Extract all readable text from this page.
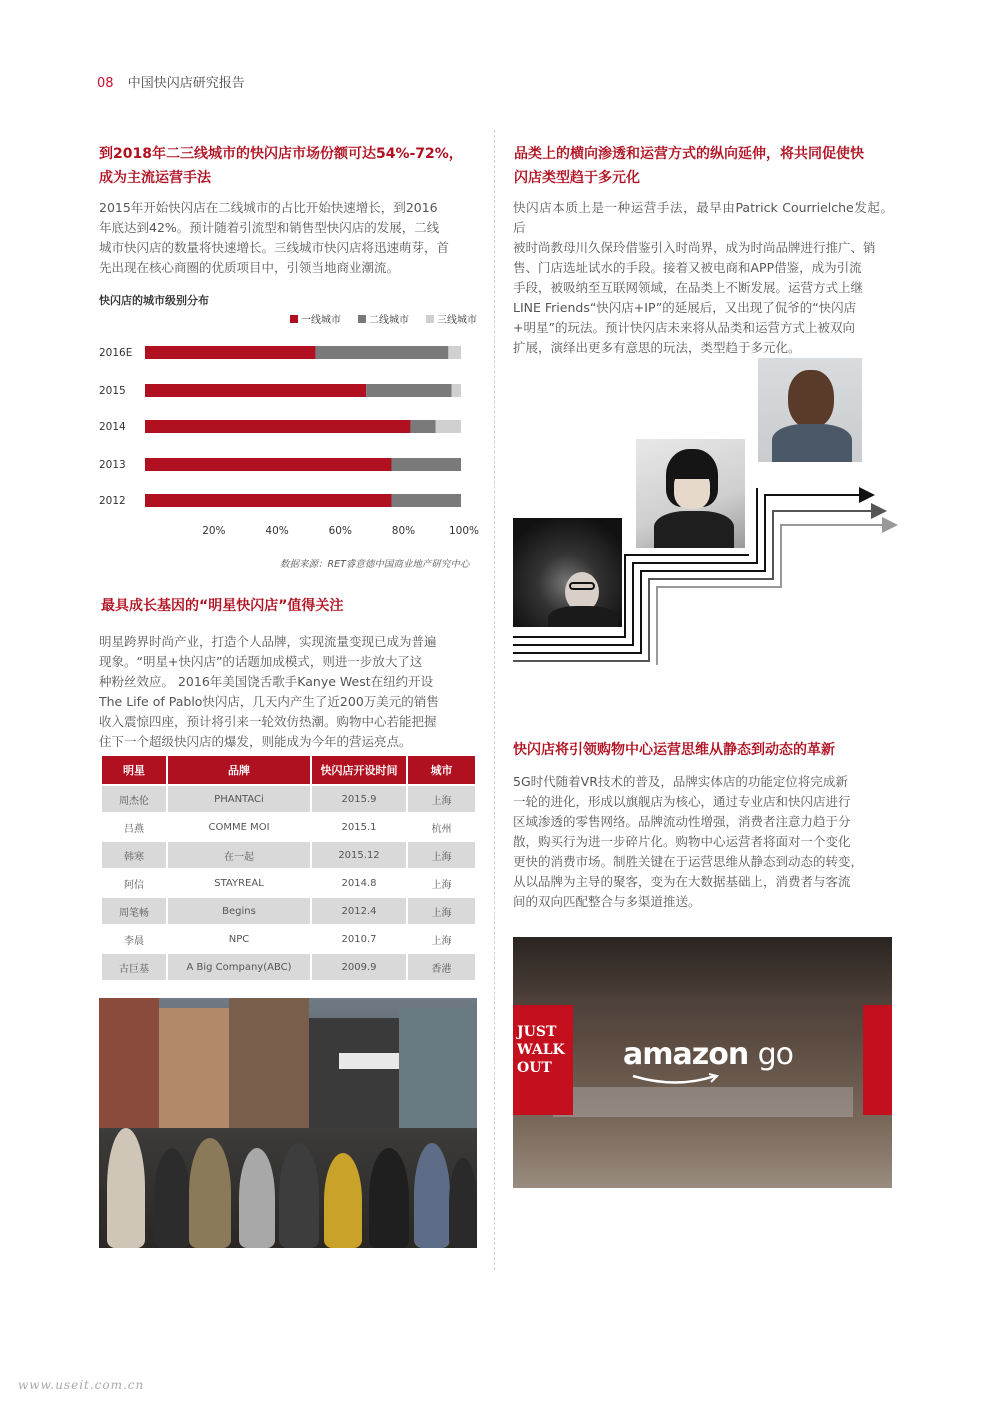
08 中国快闪店研究报告
到2018年二三线城市的快闪店市场份额可达54%-72%，
成为主流运营手法
2015年开始快闪店在二线城市的占比开始快速增长，到2016
年底达到42%。预计随着引流型和销售型快闪店的发展，二线
城市快闪店的数量将快速增长。三线城市快闪店将迅速萌芽，首
先出现在核心商圈的优质项目中，引领当地商业潮流。
快闪店的城市级别分布
一线城市	二线城市	三线城市
2016E
2015
2014
2013
2012
20%	40%	60%	80%	100%
数据来源：RET睿意德中国商业地产研究中心
最具成长基因的“明星快闪店”值得关注
明星跨界时尚产业，打造个人品牌，实现流量变现已成为普遍
现象。“明星+快闪店”的话题加成模式，则进一步放大了这
种粉丝效应。 2016年美国饶舌歌手Kanye West在纽约开设
The Life of Pablo快闪店，几天内产生了近200万美元的销售
收入震惊四座，预计将引来一轮效仿热潮。购物中心若能把握
住下一个超级快闪店的爆发，则能成为今年的营运亮点。
明星	品牌	快闪店开设时间	城市
周杰伦	PHANTACi	2015.9	上海
吕燕	COMME MOI	2015.1	杭州
韩寒	在一起	2015.12	上海
阿信	STAYREAL	2014.8	上海
周笔畅	Begins	2012.4	上海
李晨	NPC	2010.7	上海
古巨基	A Big Company(ABC)	2009.9	香港
品类上的横向渗透和运营方式的纵向延伸，将共同促使快
闪店类型趋于多元化
快闪店本质上是一种运营手法，最早由Patrick Courrielche发起。后
被时尚教母川久保玲借鉴引入时尚界，成为时尚品牌进行推广、销
售、门店选址试水的手段。接着又被电商和APP借鉴，成为引流
手段，被吸纳至互联网领域，在品类上不断发展。运营方式上继
LINE Friends“快闪店+IP”的延展后，又出现了侃爷的“快闪店
+明星”的玩法。预计快闪店未来将从品类和运营方式上被双向
扩展，演绎出更多有意思的玩法，类型趋于多元化。
快闪店将引领购物中心运营思维从静态到动态的革新
5G时代随着VR技术的普及，品牌实体店的功能定位将完成新
一轮的进化，形成以旗舰店为核心，通过专业店和快闪店进行
区域渗透的零售网络。品牌流动性增强，消费者注意力趋于分
散，购买行为进一步碎片化。购物中心运营者将面对一个变化
更快的消费市场。制胜关键在于运营思维从静态到动态的转变，
从以品牌为主导的聚客，变为在大数据基础上，消费者与客流
间的双向匹配整合与多渠道推送。
JUST
WALK
OUT	amazon go
www.useit.com.cn
